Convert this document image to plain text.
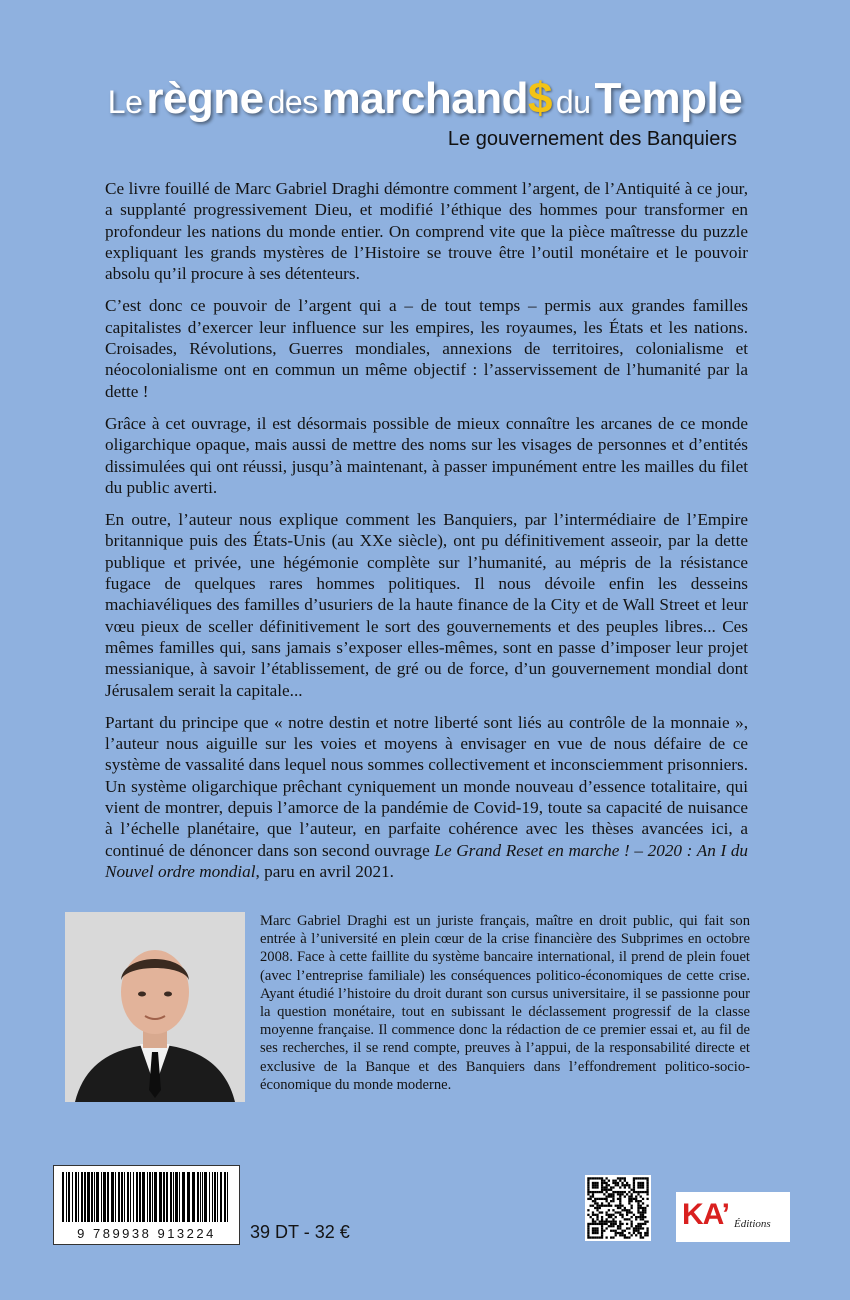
Le règne des marchand$ du Temple
Le gouvernement des Banquiers

Ce livre fouillé de Marc Gabriel Draghi démontre comment l’argent, de l’Antiquité à ce jour, a supplanté progressivement Dieu, et modifié l’éthique des hommes pour transformer en profondeur les nations du monde entier. On comprend vite que la pièce maîtresse du puzzle expliquant les grands mystères de l’Histoire se trouve être l’outil monétaire et le pouvoir absolu qu’il procure à ses détenteurs.

C’est donc ce pouvoir de l’argent qui a – de tout temps – permis aux grandes familles capitalistes d’exercer leur influence sur les empires, les royaumes, les États et les nations. Croisades, Révolutions, Guerres mondiales, annexions de territoires, colonialisme et néocolonialisme ont en commun un même objectif : l’asservissement de l’humanité par la dette !

Grâce à cet ouvrage, il est désormais possible de mieux connaître les arcanes de ce monde oligarchique opaque, mais aussi de mettre des noms sur les visages de personnes et d’entités dissimulées qui ont réussi, jusqu’à maintenant, à passer impunément entre les mailles du filet du public averti.

En outre, l’auteur nous explique comment les Banquiers, par l’intermédiaire de l’Empire britannique puis des États-Unis (au XXe siècle), ont pu définitivement asseoir, par la dette publique et privée, une hégémonie complète sur l’humanité, au mépris de la résistance fugace de quelques rares hommes politiques. Il nous dévoile enfin les desseins machiavéliques des familles d’usuriers de la haute finance de la City et de Wall Street et leur vœu pieux de sceller définitivement le sort des gouvernements et des peuples libres... Ces mêmes familles qui, sans jamais s’exposer elles-mêmes, sont en passe d’imposer leur projet messianique, à savoir l’établissement, de gré ou de force, d’un gouvernement mondial dont Jérusalem serait la capitale...

Partant du principe que « notre destin et notre liberté sont liés au contrôle de la monnaie », l’auteur nous aiguille sur les voies et moyens à envisager en vue de nous défaire de ce système de vassalité dans lequel nous sommes collectivement et inconsciemment prisonniers. Un système oligarchique prêchant cyniquement un monde nouveau d’essence totalitaire, qui vient de montrer, depuis l’amorce de la pandémie de Covid-19, toute sa capacité de nuisance à l’échelle planétaire, que l’auteur, en parfaite cohérence avec les thèses avancées ici, a continué de dénoncer dans son second ouvrage Le Grand Reset en marche ! – 2020 : An I du Nouvel ordre mondial, paru en avril 2021.

Marc Gabriel Draghi est un juriste français, maître en droit public, qui fait son entrée à l’université en plein cœur de la crise financière des Subprimes en octobre 2008. Face à cette faillite du système bancaire international, il prend de plein fouet (avec l’entreprise familiale) les conséquences politico-économiques de cette crise. Ayant étudié l’histoire du droit durant son cursus universitaire, il se passionne pour la question monétaire, tout en subissant le déclassement progressif de la classe moyenne française. Il commence donc la rédaction de ce premier essai et, au fil de ses recherches, il se rend compte, preuves à l’appui, de la responsabilité directe et exclusive de la Banque et des Banquiers dans l’effondrement politico-socio-économique du monde moderne.
9 789938 913224	39 DT - 32 €
KA’ Éditions
